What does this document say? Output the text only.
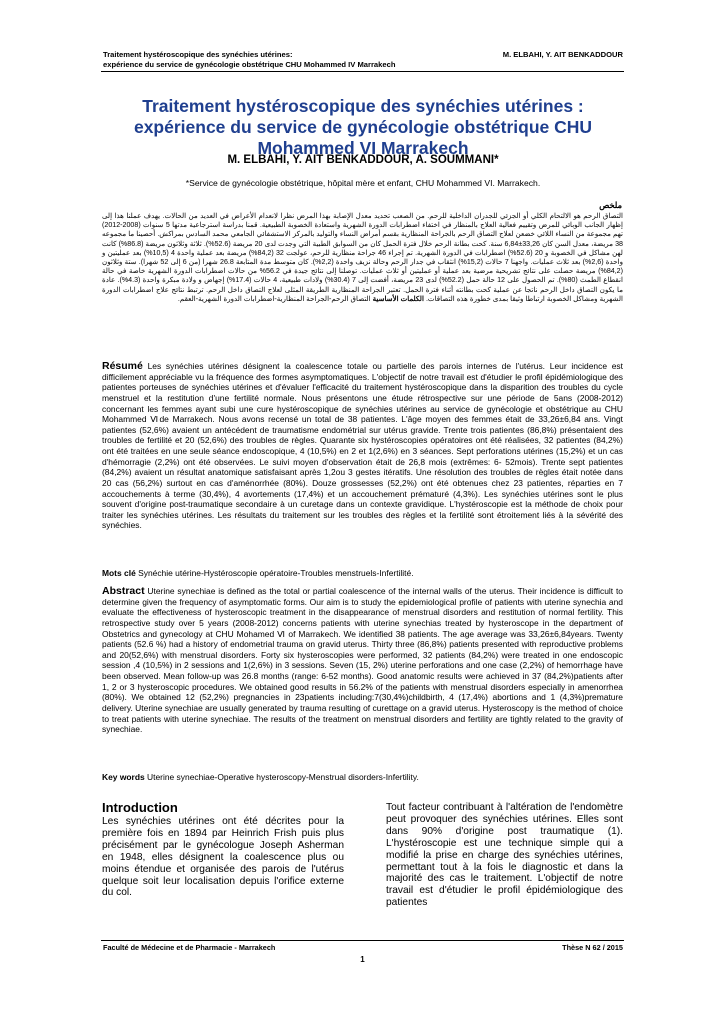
Traitement hystéroscopique des synéchies utérines:
expérience du service de gynécologie obstétrique CHU Mohammed IV Marrakech
M. ELBAHI, Y. AIT BENKADDOUR
Traitement hystéroscopique des synéchies utérines : expérience du service de gynécologie obstétrique CHU Mohammed VI Marrakech
M. ELBAHI, Y. AIT BENKADDOUR, A. SOUMMANI*
*Service de gynécologie obstétrique, hôpital mère et enfant, CHU Mohammed VI. Marrakech.
ملخص
التصاق الرحم هو الالتحام الكلي أو الجزئي للجدران الداخلية للرحم. من الصعب تحديد معدل الإصابة بهذا المرض نظرا لانعدام الأعراض في العديد من الحالات. يهدف عملنا هذا إلى إظهار الجانب الوبائي للمرض وتقييم فعالية العلاج بالمنظار في اختفاء اضطرابات الدورة الشهرية واستعادة الخصوبة الطبيعية. قمنا بدراسة استرجاعية مدتها 5 سنوات (2008-2012) تهم مجموعة من النساء اللائي خضعن لعلاج التصاق الرحم بالجراحة المنظارية بقسم أمراض النساء والتوليد بالمركز الاستشفائي الجامعي محمد السادس بمراكش. أحصينا ما مجموعه 38 مريضة، معدل السن كان 33,26±6,84 سنة. كحت بطانة الرحم خلال فترة الحمل كان من السوابق الطبية التي وجدت لدى 20 مريضة (52.6%). ثلاثة وثلاثون مريضة (86.8%) كانت لهن مشاكل في الخصوبة و 20 (52.6%) اضطرابات في الدورة الشهرية. تم إجراء 46 جراحة منظارية للرحم، عولجت 32 (84,2%) مريضة بعد عملية واحدة 4 (10,5%) بعد عمليتين و واحدة (2,6%) بعد ثلاث عمليات. واجهنا 7 حالات (15,2%) انثقاب في جدار الرحم وحالة نزيف واحدة (2,2%). كان متوسط مدة المتابعة 26.8 شهرا (من 6 إلى 52 شهرا). ستة وثلاثون (84,2%) مريضة حصلت على نتائج تشريحية مرضية بعد عملية أو عمليتين أو ثلاث عمليات. توصلنا إلى نتائج جيدة في 56.2% من حالات اضطرابات الدورة الشهرية خاصة في حالة انقطاع الطمث (80%). تم الحصول على 12 حالة حمل (52.2%) لدى 23 مريضة، أفضت إلى 7 (30.4%) ولادات طبيعية، 4 حالات (17.4%) إجهاض و ولادة مبكرة واحدة (4.3%). عادة ما يكون التصاق داخل الرحم ناتجا عن عملية كحت بطانته أثناء فترة الحمل. تعتبر الجراحة المنظارية الطريقة المثلى لعلاج التصاق داخل الرحم. ترتبط نتائج علاج اضطرابات الدورة الشهرية ومشاكل الخصوبة ارتباطا وثيقا بمدى خطورة هذه التصاقات. الكلمات الأساسية التصاق الرحم-الجراحة المنظارية-اضطرابات الدورة الشهرية-العقم.
Résumé Les synéchies utérines désignent la coalescence totale ou partielle des parois internes de l'utérus. Leur incidence est difficilement appréciable vu la fréquence des formes asymptomatiques. L'objectif de notre travail est d'étudier le profil épidémiologique des patientes porteuses de synéchies utérines et d'évaluer l'efficacité du traitement hystéroscopique dans la disparition des troubles du cycle menstruel et la restitution d'une fertilité normale. Nous présentons une étude rétrospective sur une période de 5ans (2008-2012) concernant les femmes ayant subi une cure hystéroscopique de synéchies utérines au service de gynécologie et obstétrique au CHU Mohammed Ⅵde Marrakech. Nous avons recensé un total de 38 patientes. L'âge moyen des femmes était de 33,26±6,84 ans. Vingt patientes (52,6%) avaient un antécédent de traumatisme endométrial sur utérus gravide. Trente trois patientes (86,8%) présentaient des troubles de fertilité et 20 (52,6%) des troubles de règles. Quarante six hystéroscopies opératoires ont été réalisées, 32 patientes (84,2%) ont été traitées en une seule séance endoscopique, 4 (10,5%) en 2 et 1(2,6%) en 3 séances. Sept perforations utérines (15,2%) et un cas d'hémorragie (2,2%) ont été observées. Le suivi moyen d'observation était de 26,8 mois (extrêmes: 6- 52mois). Trente sept patientes (84,2%) avaient un résultat anatomique satisfaisant après 1,2ou 3 gestes itératifs. Une résolution des troubles de règles était notée dans 20 cas (56,2%) surtout en cas d'aménorrhée (80%). Douze grossesses (52,2%) ont été obtenues chez 23 patientes, réparties en 7 accouchements à terme (30,4%), 4 avortements (17,4%) et un accouchement prématuré (4,3%). Les synéchies utérines sont le plus souvent d'origine post-traumatique secondaire à un curetage dans un contexte gravidique. L'hystéroscopie est la méthode de choix pour traiter les synéchies utérines. Les résultats du traitement sur les troubles des règles et la fertilité sont étroitement liés à la sévérité des synéchies.
Mots clé Synéchie utérine-Hystéroscopie opératoire-Troubles menstruels-Infertilité.
Abstract Uterine synechiae is defined as the total or partial coalescence of the internal walls of the uterus. Their incidence is difficult to determine given the frequency of asymptomatic forms. Our aim is to study the epidemiological profile of patients with uterine synechia and evaluate the effectiveness of hysteroscopic treatment in the disappearance of menstrual disorders and restitution of normal fertility. This retrospective study over 5 years (2008-2012) concerns patients with uterine synechias treated by hysteroscope in the department of Obstetrics and gynecology at CHU Mohamed Ⅵ of Marrakech. We identified 38 patients. The age average was 33,26±6,84years. Twenty patients (52.6 %) had a history of endometrial trauma on gravid uterus. Thirty three (86,8%) patients presented with reproductive problems and 20(52,6%) with menstrual disorders. Forty six hysteroscopies were performed, 32 patients (84,2%) were treated in one endoscopic session ,4 (10,5%) in 2 sessions and 1(2,6%) in 3 sessions. Seven (15, 2%) uterine perforations and one case (2,2%) of hemorrhage have been observed. Mean follow-up was 26.8 months (range: 6-52 months). Good anatomic results were achieved in 37 (84,2%)patients after 1, 2 or 3 hysteroscopic procedures. We obtained good results in 56.2% of the patients with menstrual disorders especially in amenorrhea (80%). We obtained 12 (52,2%) pregnancies in 23patients including:7(30,4%)childbirth, 4 (17,4%) abortions and 1 (4,3%)premature delivery. Uterine synechiae are usually generated by trauma resulting of curettage on a gravid uterus. Hysteroscopy is the method of choice to treat patients with uterine synechiae. The results of the treatment on menstrual disorders and fertility are tightly related to the gravity of synechiae.
Key words Uterine synechiae-Operative hysteroscopy-Menstrual disorders-Infertility.
Introduction
Les synéchies utérines ont été décrites pour la première fois en 1894 par Heinrich Frish puis plus précisément par le gynécologue Joseph Asherman en 1948, elles désignent la coalescence plus ou moins étendue et organisée des parois de l'utérus quelque soit leur localisation depuis l'orifice externe du col.
Tout facteur contribuant à l'altération de l'endomètre peut provoquer des synéchies utérines. Elles sont dans 90% d'origine post traumatique (1). L'hystéroscopie est une technique simple qui a modifié la prise en charge des synéchies utérines, permettant tout à la fois le diagnostic et dans la majorité des cas le traitement. L'objectif de notre travail est d'étudier le profil épidémiologique des patientes
Faculté de Médecine et de Pharmacie - Marrakech	Thèse N 62 / 2015
1
